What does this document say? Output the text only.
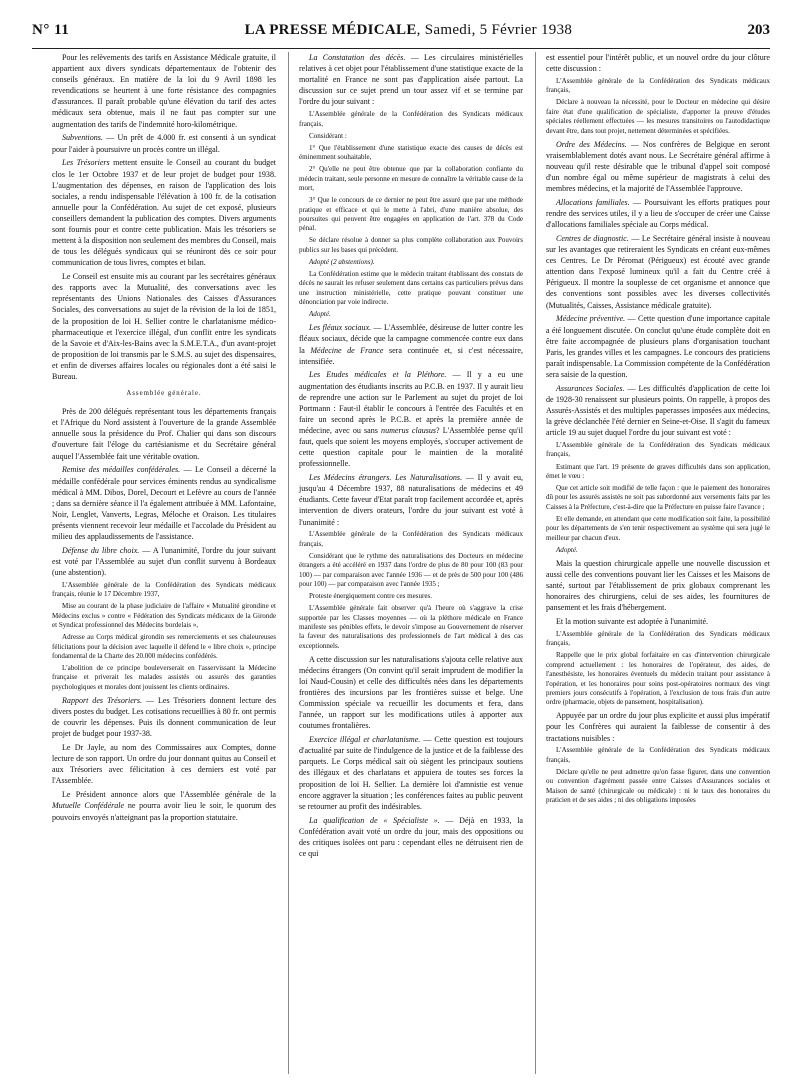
N° 11	LA PRESSE MÉDICALE, Samedi, 5 Février 1938	203

Pour les relèvements des tarifs en Assistance Médicale gratuite, il appartient aux divers syndicats départementaux de l'obtenir des conseils généraux. En matière de la loi du 9 Avril 1898 les revendications se heurtent à une forte résistance des compagnies d'assurances. Il paraît probable qu'une élévation du tarif des actes médicaux sera obtenue, mais il ne faut pas compter sur une augmentation des tarifs de l'indemnité horo-kilométrique.

Subventions. — Un prêt de 4.000 fr. est consenti à un syndicat pour l'aider à poursuivre un procès contre un illégal.

Les Trésoriers mettent ensuite le Conseil au courant du budget clos le 1er Octobre 1937 et de leur projet de budget pour 1938. L'augmentation des dépenses, en raison de l'application des lois sociales, a rendu indispensable l'élévation à 100 fr. de la cotisation annuelle pour la Confédération. Au sujet de cet exposé, plusieurs conseillers demandent la publication des comptes. Divers arguments sont fournis pour et contre cette publication. Mais les trésoriers se mettent à la disposition non seulement des membres du Conseil, mais de tous les délégués syndicaux qui se réuniront dès ce soir pour communication de tous livres, comptes et bilan.

Le Conseil est ensuite mis au courant par les secrétaires généraux des rapports avec la Mutualité, des conversations avec les représentants des Unions Nationales des Caisses d'Assurances Sociales, des conversations au sujet de la révision de la loi de 1851, de la proposition de loi H. Sellier contre le charlatanisme médico-pharmaceutique et l'exercice illégal, d'un conflit entre les syndicats de la Savoie et d'Aix-les-Bains avec la S.M.E.T.A., d'un avant-projet de proposition de loi transmis par le S.M.S. au sujet des dispensaires, et enfin de diverses affaires locales ou régionales dont a été saisi le Bureau.

Assemblée générale.

Près de 200 délégués représentant tous les départements français et l'Afrique du Nord assistent à l'ouverture de la grande Assemblée annuelle sous la présidence du Prof. Chalier qui dans son discours d'ouverture fait l'éloge du cartésianisme et du Secrétaire général auquel l'Assemblée fait une véritable ovation.

Remise des médailles confédérales. — Le Conseil a décerné la médaille confédérale pour services éminents rendus au syndicalisme médical à MM. Dibos, Dorel, Decourt et Lefèvre au cours de l'année ; dans sa dernière séance il l'a également attribuée à MM. Lafontaine, Noir, Lenglet, Vanverts, Legras, Méloche et Oraison. Les titulaires présents viennent recevoir leur médaille et l'accolade du Président au milieu des applaudissements de l'assistance.

Défense du libre choix. — A l'unanimité, l'ordre du jour suivant est voté par l'Assemblée au sujet d'un conflit survenu à Bordeaux (une abstention).

L'Assemblée générale de la Confédération des Syndicats médicaux français, réunie le 17 Décembre 1937,

Mise au courant de la phase judiciaire de l'affaire « Mutualité girondine et Médecins exclus » contre « Fédération des Syndicats médicaux de la Gironde et Syndicat professionnel des Médecins bordelais »,

Adresse au Corps médical girondin ses remerciements et ses chaleureuses félicitations pour la décision avec laquelle il défend le « libre choix », principe fondamental de la Charte des 20.000 médecins confédérés.

L'abolition de ce principe bouleverserait en l'asservissant la Médecine française et priverait les malades assistés ou assurés des garanties psychologiques et morales dont jouissent les clients ordinaires.

Rapport des Trésoriers. — Les Trésoriers donnent lecture des divers postes du budget. Les cotisations recueillies à 80 fr. ont permis de couvrir les dépenses. Puis ils donnent communication de leur projet de budget pour 1937-38.

Le Dr Jayle, au nom des Commissaires aux Comptes, donne lecture de son rapport. Un ordre du jour donnant quitus au Conseil et aux Trésoriers avec félicitation à ces derniers est voté par l'Assemblée.

Le Président annonce alors que l'Assemblée générale de la Mutuelle Confédérale ne pourra avoir lieu le soir, le quorum des pouvoirs envoyés n'atteignant pas la proportion statutaire.

La Constatation des décès. — Les circulaires ministérielles relatives à cet objet pour l'établissement d'une statistique exacte de la mortalité en France ne sont pas d'application aisée partout. La discussion sur ce sujet prend un tour assez vif et se termine par l'ordre du jour suivant :

L'Assemblée générale de la Confédération des Syndicats médicaux français,

Considérant :

1° Que l'établissement d'une statistique exacte des causes de décès est éminemment souhaitable,

2° Qu'elle ne peut être obtenue que par la collaboration confiante du médecin traitant, seule personne en mesure de connaître la véritable cause de la mort,

3° Que le concours de ce dernier ne peut être assuré que par une méthode pratique et efficace et qui le mette à l'abri, d'une manière absolue, des poursuites qui peuvent être engagées en application de l'art. 378 du Code pénal.

Se déclare résolue à donner sa plus complète collaboration aux Pouvoirs publics sur les bases qui précèdent.

Adopté (2 abstentions).

La Confédération estime que le médecin traitant établissant des constats de décès ne saurait les refuser seulement dans certains cas particuliers prévus dans une instruction ministérielle, cette pratique pouvant constituer une dénonciation par voie indirecte.

Adopté.

Les fléaux sociaux. — L'Assemblée, désireuse de lutter contre les fléaux sociaux, décide que la campagne commencée contre eux dans la Médecine de France sera continuée et, si c'est nécessaire, intensifiée.

Les Etudes médicales et la Pléthore. — Il y a eu une augmentation des étudiants inscrits au P.C.B. en 1937. Il y aurait lieu de reprendre une action sur le Parlement au sujet du projet de loi Portmann : Faut-il établir le concours à l'entrée des Facultés et en faire un second après le P.C.B. et après la première année de médecine, avec ou sans numerus clausus? L'Assemblée pense qu'il faut, quels que soient les moyens employés, s'occuper activement de cette question capitale pour le maintien de la moralité professionnelle.

Les Médecins étrangers. Les Naturalisations. — Il y avait eu, jusqu'au 4 Décembre 1937, 88 naturalisations de médecins et 49 étudiants. Cette faveur d'Etat paraît trop facilement accordée et, après intervention de divers orateurs, l'ordre du jour suivant est voté à l'unanimité :

L'Assemblée générale de la Confédération des Syndicats médicaux français,

Considérant que le rythme des naturalisations des Docteurs en médecine étrangers a été accéléré en 1937 dans l'ordre de plus de 80 pour 100 (83 pour 100) — par comparaison avec l'année 1936 — et de près de 500 pour 100 (486 pour 100) — par comparaison avec l'année 1935 ;

Proteste énergiquement contre ces mesures.

L'Assemblée générale fait observer qu'à l'heure où s'aggrave la crise supportée par les Classes moyennes — où la pléthore médicale en France manifeste ses pénibles effets, le devoir s'impose au Gouvernement de réserver la faveur des naturalisations des professionnels de l'art médical à des cas exceptionnels.

A cette discussion sur les naturalisations s'ajouta celle relative aux médecins étrangers (On convint qu'il serait imprudent de modifier la loi Naud-Cousin) et celle des difficultés nées dans les départements frontières des incursions par les frontières suisse et belge. Une Commission spéciale va recueillir les documents et fera, dans l'année, un rapport sur les modifications utiles à apporter aux coutumes frontalières.

Exercice illégal et charlatanisme. — Cette question est toujours d'actualité par suite de l'indulgence de la justice et de la faiblesse des parquets. Le Corps médical sait où siègent les principaux soutiens des illégaux et des charlatans et appuiera de toutes ses forces la proposition de loi H. Sellier. La dernière loi d'amnistie est venue encore aggraver la situation ; les conférences faites au public peuvent se retourner au profit des indésirables.

La qualification de « Spécialiste ». — Déjà en 1933, la Confédération avait voté un ordre du jour, mais des oppositions ou des critiques isolées ont paru : cependant elles ne détruisent rien de ce qui

est essentiel pour l'intérêt public, et un nouvel ordre du jour clôture cette discussion :

L'Assemblée générale de la Confédération des Syndicats médicaux français,

Déclare à nouveau la nécessité, pour le Docteur en médecine qui désire faire état d'une qualification de spécialiste, d'apporter la preuve d'études spéciales réellement effectuées — les mesures transitoires ou l'autodidactique devant être, dans tout projet, nettement déterminées et spécifiées.

Ordre des Médecins. — Nos confrères de Belgique en seront vraisemblablement dotés avant nous. Le Secrétaire général affirme à nouveau qu'il reste désirable que le tribunal d'appel soit composé d'un nombre égal ou même supérieur de magistrats à celui des membres médecins, et la majorité de l'Assemblée l'approuve.

Allocations familiales. — Poursuivant les efforts pratiques pour rendre des services utiles, il y a lieu de s'occuper de créer une Caisse d'allocations familiales spéciale au Corps médical.

Centres de diagnostic. — Le Secrétaire général insiste à nouveau sur les avantages que retireraient les Syndicats en créant eux-mêmes ces Centres. Le Dr Péromat (Périgueux) est écouté avec grande attention dans l'exposé lumineux qu'il a fait du Centre créé à Périgueux. Il montre la souplesse de cet organisme et annonce que des conventions sont possibles avec les diverses collectivités (Mutualités, Caisses, Assistance médicale gratuite).

Médecine préventive. — Cette question d'une importance capitale a été longuement discutée. On conclut qu'une étude complète doit en être faite accompagnée de plusieurs plans d'organisation touchant Paris, les grandes villes et les campagnes. Le concours des praticiens paraît indispensable. La Commission compétente de la Confédération sera saisie de la question.

Assurances Sociales. — Les difficultés d'application de cette loi de 1928-30 renaissent sur plusieurs points. On rappelle, à propos des Assurés-Assistés et des multiples paperasses imposées aux médecins, la grève déclanchée l'été dernier en Seine-et-Oise. Il s'agit du fameux article 19 au sujet duquel l'ordre du jour suivant est voté :

L'Assemblée générale de la Confédération des Syndicats médicaux français,

Estimant que l'art. 19 présente de graves difficultés dans son application, émet le vœu :

Que cet article soit modifié de telle façon : que le paiement des honoraires dû pour les assurés assistés ne soit pas subordonné aux versements faits par les Caisses à la Préfecture, c'est-à-dire que la Préfecture en puisse faire l'avance ;

Et elle demande, en attendant que cette modification soit faite, la possibilité pour les départements de s'en tenir respectivement au système qui sera jugé le meilleur par chacun d'eux.

Adopté.

Mais la question chirurgicale appelle une nouvelle discussion et aussi celle des conventions pouvant lier les Caisses et les Maisons de santé, surtout par l'établissement de prix globaux comprenant les honoraires des chirurgiens, celui de ses aides, les fournitures de pansement et les frais d'hébergement.

Et la motion suivante est adoptée à l'unanimité.

L'Assemblée générale de la Confédération des Syndicats médicaux français,

Rappelle que le prix global forfaitaire en cas d'intervention chirurgicale comprend actuellement : les honoraires de l'opérateur, des aides, de l'anesthésiste, les honoraires éventuels du médecin traitant pour assistance à l'opération, et les honoraires pour soins post-opératoires normaux des vingt premiers jours consécutifs à l'opération, à l'exclusion de tous frais d'un autre ordre (pharmacie, objets de pansement, hospitalisation).

Appuyée par un ordre du jour plus explicite et aussi plus impératif pour les Confrères qui auraient la faiblesse de consentir à des tractations nuisibles :

L'Assemblée générale de la Confédération des Syndicats médicaux français,

Déclare qu'elle ne peut admettre qu'on fasse figurer, dans une convention ou convention d'agrément passée entre Caisses d'Assurances sociales et Maison de santé (chirurgicale ou médicale) : ni le taux des honoraires du praticien et de ses aides ; ni des obligations imposées
